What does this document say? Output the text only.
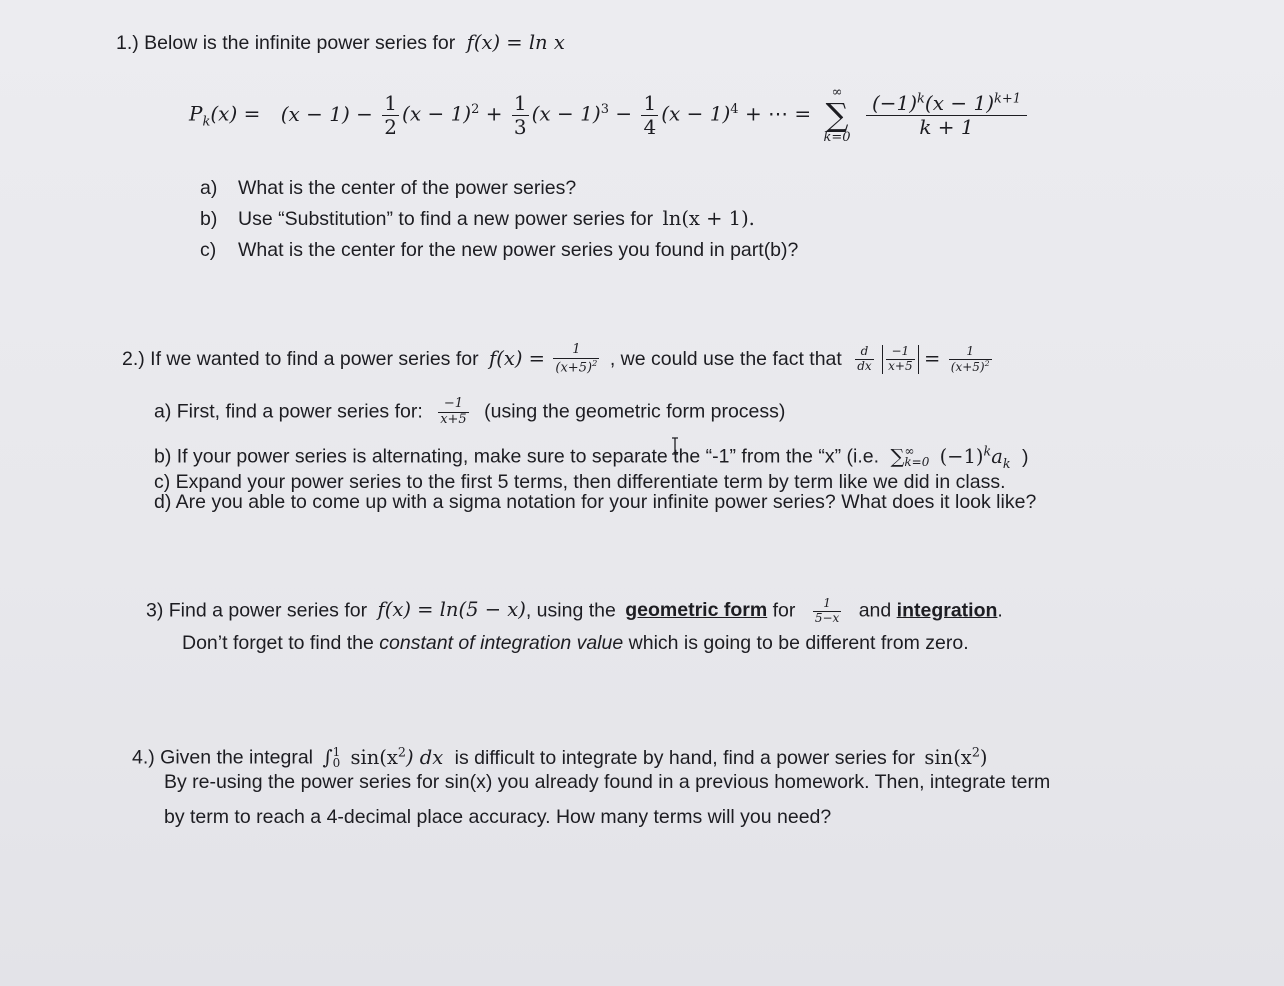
1.) Below is the infinite power series for f(x) = ln x
$P_k(x) = (x - 1) - \frac{1}{2} (x - 1)^2 + \frac{1}{3} (x - 1)^3 - \frac{1}{4} (x - 1)^4$ + ⋯ =
∞
∑
k=0
$\frac{(-1)^k(x - 1)^{k+1}}{k + 1}$
a) What is the center of the power series?
b) Use “Substitution” to find a new power series for ln(x + 1).
c) What is the center for the new power series you found in part(b)?
2.) If we wanted to find a power series for $f(x) = \frac{1}{(x+5)^2}$ , we could use the fact that $\frac{d}{dx}$
$\frac{-1}{x+5} = \frac{1}{(x+5)^2}$
a) First, find a power series for: $\frac{-1}{x+5} (using$ the geometric form process)
b) If your power series is alternating, make sure to separate the “-1” from the “x” (i.e. ∑ ∞
k=0 $(-1)^ka_k$ )
c) Expand your power series to the first 5 terms, then differentiate term by term like we did in class.
d) Are you able to come up with a sigma notation for your infinite power series? What does it look like?
3) Find a power series for f(x) = ln(5 − x), using the geometric form for $\frac{1}{5-x}$ and integration.
Don’t forget to find the constant of integration value which is going to be different from zero.
4.) Given the integral ∫ 1
0 $\sin(x^2)$ dx is difficult to integrate by hand, find a power series for $\sin(x^2)$
By re-using the power series for sin(x) you already found in a previous homework. Then, integrate term
by term to reach a 4-decimal place accuracy. How many terms will you need?
